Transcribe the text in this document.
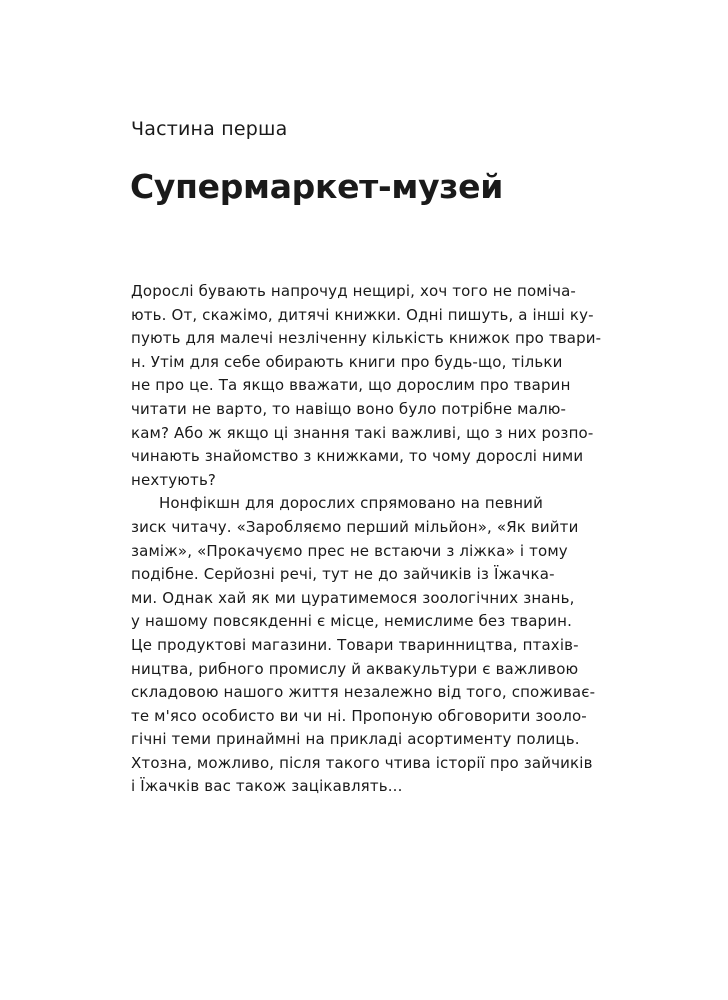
Частина перша
Супермаркет-музей
Дорослі бувають напрочуд нещирі, хоч того не поміча-
ють. От, скажімо, дитячі книжки. Одні пишуть, а інші ку-
пують для малечі незліченну кількість книжок про твари-
н. Утім для себе обирають книги про будь-що, тільки
не про це. Та якщо вважати, що дорослим про тварин
читати не варто, то навіщо воно було потрібне малю-
кам? Або ж якщо ці знання такі важливі, що з них розпо-
чинають знайомство з книжками, то чому дорослі ними
нехтують?
Нонфікшн для дорослих спрямовано на певний
зиск читачу. «Заробляємо перший мільйон», «Як вийти
заміж», «Прокачуємо прес не встаючи з ліжка» і тому
подібне. Серйозні речі, тут не до зайчиків із Їжачка-
ми. Однак хай як ми цуратимемося зоологічних знань,
у нашому повсякденні є місце, немислиме без тварин.
Це продуктові магазини. Товари тваринництва, птахів-
ництва, рибного промислу й аквакультури є важливою
складовою нашого життя незалежно від того, споживає-
те м'ясо особисто ви чи ні. Пропоную обговорити зооло-
гічні теми принаймні на прикладі асортименту полиць.
Хтозна, можливо, після такого чтива історії про зайчиків
і Їжачків вас також зацікавлять...
